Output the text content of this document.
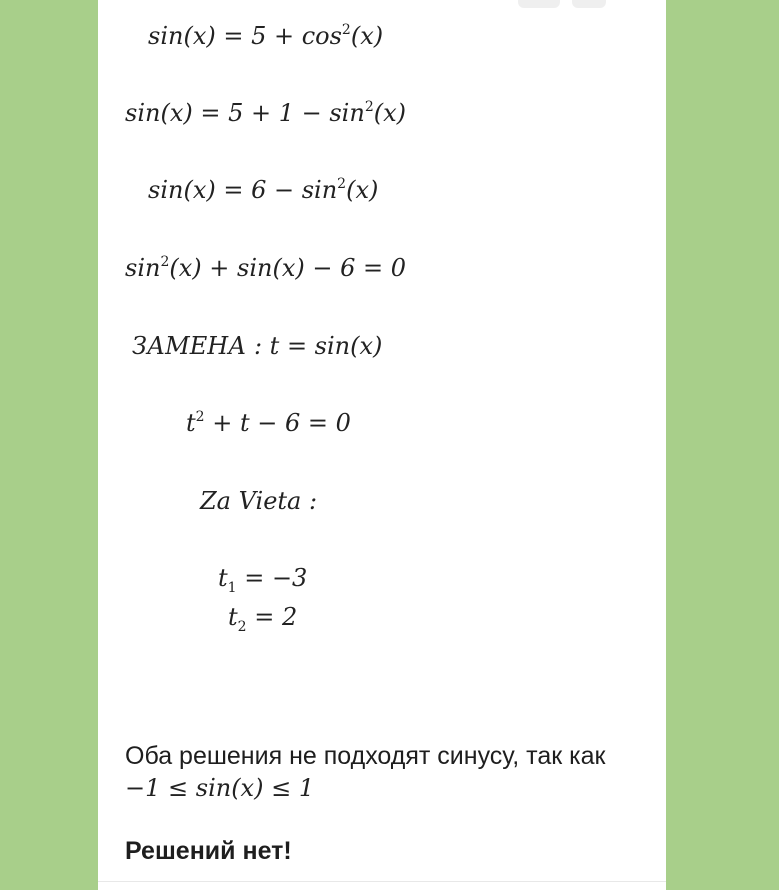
$\sin(x) = 5 + \cos^2(x)$
$\sin(x) = 5 + 1 - \sin^2(x)$
$\sin(x) = 6 - \sin^2(x)$
$\sin^2(x) + \sin(x) - 6 = 0$
ЗАМЕНА : t = sin(x)
$t^2 + t - 6 = 0$
Za Vieta :
$t_1 = -3$
$t_2 = 2$
Оба решения не подходят синусу, так как
−1 ≤ sin(x) ≤ 1
Решений нет!
